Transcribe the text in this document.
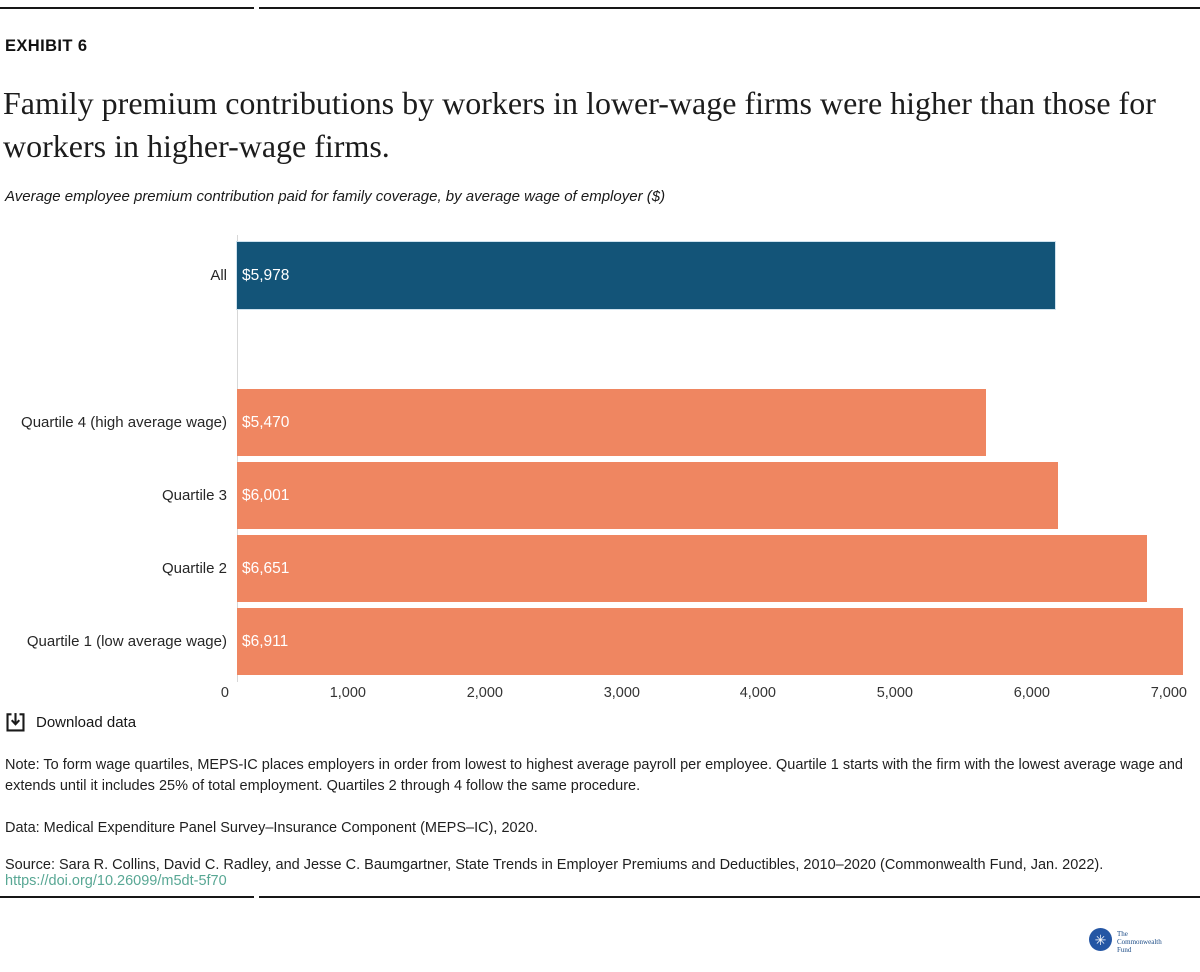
EXHIBIT 6
Family premium contributions by workers in lower-wage firms were higher than those for workers in higher-wage firms.
Average employee premium contribution paid for family coverage, by average wage of employer ($)
All $5,978
Quartile 4 (high average wage) $5,470
Quartile 3 $6,001
Quartile 2 $6,651
Quartile 1 (low average wage) $6,911
0	1,000	2,000	3,000	4,000	5,000	6,000	7,000
Download data

Note: To form wage quartiles, MEPS-IC places employers in order from lowest to highest average payroll per employee. Quartile 1 starts with the firm with the lowest average wage and extends until it includes 25% of total employment. Quartiles 2 through 4 follow the same procedure.

Data: Medical Expenditure Panel Survey–Insurance Component (MEPS–IC), 2020.

Source: Sara R. Collins, David C. Radley, and Jesse C. Baumgartner, State Trends in Employer Premiums and Deductibles, 2010–2020 (Commonwealth Fund, Jan. 2022).

https://doi.org/10.26099/m5dt-5f70
✳	The
Commonwealth
Fund
